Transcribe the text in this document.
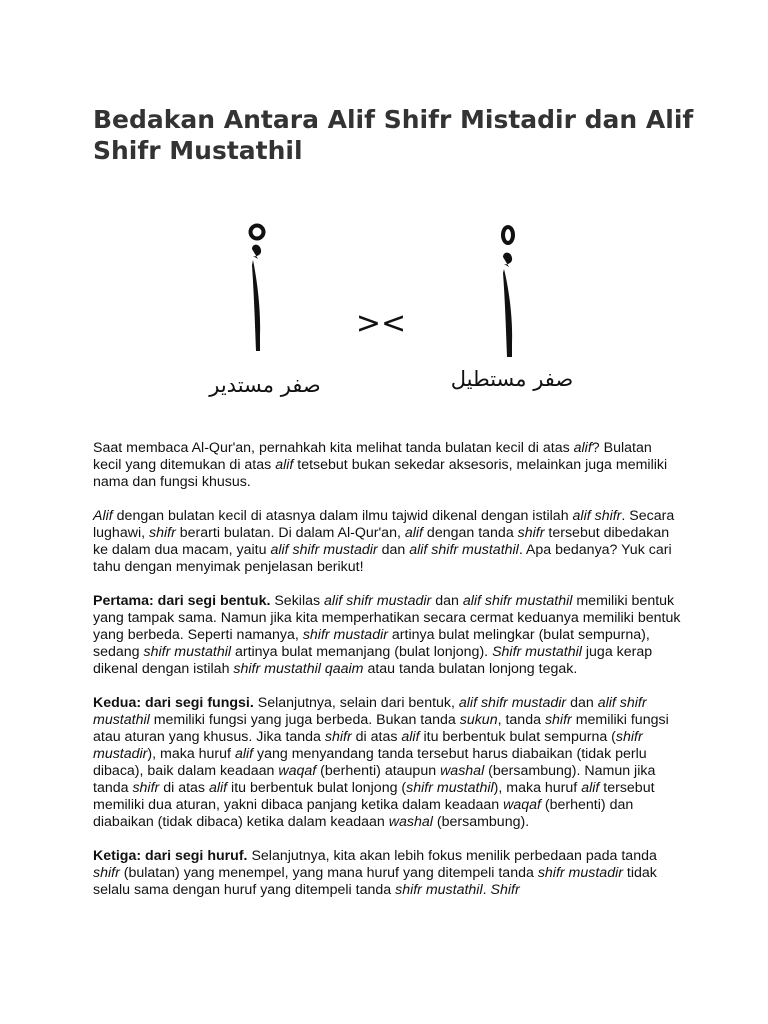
Bedakan Antara Alif Shifr Mistadir dan Alif Shifr Mustathil
><
صفر مستدير	صفر مستطيل

Saat membaca Al-Qur'an, pernahkah kita melihat tanda bulatan kecil di atas alif? Bulatan kecil yang ditemukan di atas alif tetsebut bukan sekedar aksesoris, melainkan juga memiliki nama dan fungsi khusus.

Alif dengan bulatan kecil di atasnya dalam ilmu tajwid dikenal dengan istilah alif shifr. Secara lughawi, shifr berarti bulatan. Di dalam Al-Qur'an, alif dengan tanda shifr tersebut dibedakan ke dalam dua macam, yaitu alif shifr mustadir dan alif shifr mustathil. Apa bedanya? Yuk cari tahu dengan menyimak penjelasan berikut!

Pertama: dari segi bentuk. Sekilas alif shifr mustadir dan alif shifr mustathil memiliki bentuk yang tampak sama. Namun jika kita memperhatikan secara cermat keduanya memiliki bentuk yang berbeda. Seperti namanya, shifr mustadir artinya bulat melingkar (bulat sempurna), sedang shifr mustathil artinya bulat memanjang (bulat lonjong). Shifr mustathil juga kerap dikenal dengan istilah shifr mustathil qaaim atau tanda bulatan lonjong tegak.

Kedua: dari segi fungsi. Selanjutnya, selain dari bentuk, alif shifr mustadir dan alif shifr mustathil memiliki fungsi yang juga berbeda. Bukan tanda sukun, tanda shifr memiliki fungsi atau aturan yang khusus. Jika tanda shifr di atas alif itu berbentuk bulat sempurna (shifr mustadir), maka huruf alif yang menyandang tanda tersebut harus diabaikan (tidak perlu dibaca), baik dalam keadaan waqaf (berhenti) ataupun washal (bersambung). Namun jika tanda shifr di atas alif itu berbentuk bulat lonjong (shifr mustathil), maka huruf alif tersebut memiliki dua aturan, yakni dibaca panjang ketika dalam keadaan waqaf (berhenti) dan diabaikan (tidak dibaca) ketika dalam keadaan washal (bersambung).

Ketiga: dari segi huruf. Selanjutnya, kita akan lebih fokus menilik perbedaan pada tanda shifr (bulatan) yang menempel, yang mana huruf yang ditempeli tanda shifr mustadir tidak selalu sama dengan huruf yang ditempeli tanda shifr mustathil. Shifr
